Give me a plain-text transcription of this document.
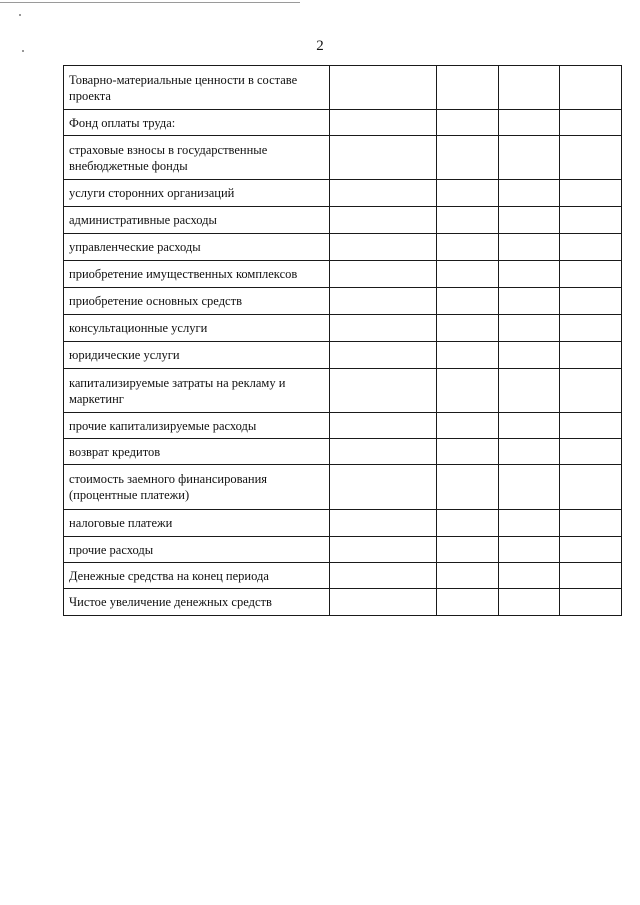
2
Товарно-материальные ценности в составе проекта				
Фонд оплаты труда:				
страховые взносы в государственные внебюджетные фонды				
услуги сторонних организаций				
административные расходы				
управленческие расходы				
приобретение имущественных комплексов				
приобретение основных средств				
консультационные услуги				
юридические услуги				
капитализируемые затраты на рекламу и маркетинг				
прочие капитализируемые расходы				
возврат кредитов				
стоимость заемного финансирования (процентные платежи)				
налоговые платежи				
прочие расходы				
Денежные средства на конец периода				
Чистое увеличение денежных средств				
